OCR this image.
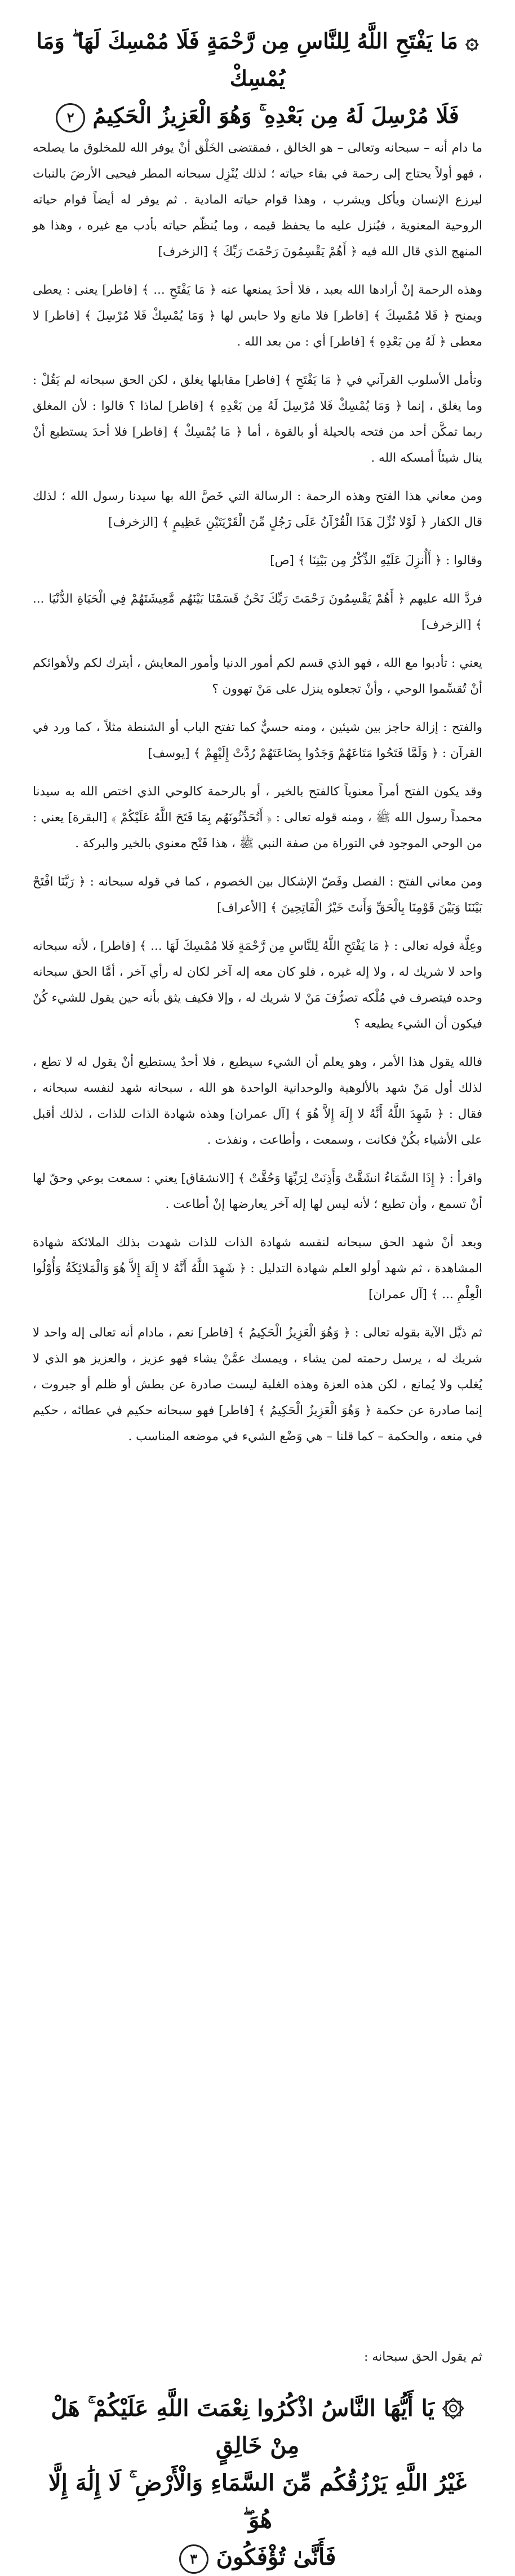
۞ مَا يَفْتَحِ اللَّهُ لِلنَّاسِ مِن رَّحْمَةٍ فَلَا مُمْسِكَ لَهَا ۖ وَمَا يُمْسِكْ
فَلَا مُرْسِلَ لَهُ مِن بَعْدِهِ ۚ وَهُوَ الْعَزِيزُ الْحَكِيمُ ٢

ما دام أنه – سبحانه وتعالى – هو الخالق ، فمقتضى الخَلْق أنْ يوفر الله للمخلوق ما يصلحه ، فهو أولاً يحتاج إلى رحمة في بقاء حياته ؛ لذلك يُنْزِل سبحانه المطر فيحيى الأرضَ بالنبات ليرزع الإنسان ويأكل ويشرب ، وهذا قوام حياته المادية . ثم يوفر له أيضاً قوام حياته الروحية المعنوية ، فيُنزل عليه ما يحفظ قيمه ، وما يُنظّم حياته بأدب مع غيره ، وهذا هو المنهج الذي قال الله فيه ﴿ أَهُمْ يَقْسِمُونَ رَحْمَتَ رَبِّكَ ﴾ [الزخرف]

وهذه الرحمة إنْ أرادها الله بعبد ، فلا أحدَ يمنعها عنه ﴿ مَا يَفْتَحِ ... ﴾ [فاطر] يعنى : يعطى ويمنح ﴿ فَلا مُمْسِكَ ﴾ [فاطر] فلا مانع ولا حابس لها ﴿ وَمَا يُمْسِكْ فَلا مُرْسِلَ ﴾ [فاطر] لا معطى ﴿ لَهُ مِن بَعْدِهِ ﴾ [فاطر] أي : من بعد الله .

وتأمل الأسلوب القرآني في ﴿ مَا يَفْتَحِ ﴾ [فاطر] مقابلها يغلق ، لكن الحق سبحانه لم يَقُلْ : وما يغلق ، إنما ﴿ وَمَا يُمْسِكْ فَلا مُرْسِلَ لَهُ مِن بَعْدِهِ ﴾ [فاطر] لماذا ؟ قالوا : لأن المغلق ربما تمكَّن أحد من فتحه بالحيلة أو بالقوة ، أما ﴿ مَا يُمْسِكْ ﴾ [فاطر] فلا أحدَ يستطيع أنْ ينال شيئاً أمسكه الله .

ومن معاني هذا الفتح وهذه الرحمة : الرسالة التي خَصَّ الله بها سيدنا رسول الله ؛ لذلك قال الكفار ﴿ لَوْلا نُزِّلَ هَذَا الْقُرْآنُ عَلَى رَجُلٍ مِّنَ الْقَرْيَتَيْنِ عَظِيمٍ ﴾ [الزخرف]

وقالوا : ﴿ أَأُنزِلَ عَلَيْهِ الذِّكْرُ مِن بَيْنِنَا ﴾ [ص]

فردَّ الله عليهم ﴿ أَهُمْ يَقْسِمُونَ رَحْمَتَ رَبِّكَ نَحْنُ قَسَمْنَا بَيْنَهُم مَّعِيشَتَهُمْ فِي الْحَيَاةِ الدُّنْيَا ... ﴾ [الزخرف]

يعني : تأدبوا مع الله ، فهو الذي قسم لكم أمور الدنيا وأمور المعايش ، أيترك لكم ولأهوائكم أنْ تُقسِّموا الوحي ، وأنْ تجعلوه ينزل على مَنْ تهوون ؟

والفتح : إزالة حاجز بين شيئين ، ومنه حسيٌّ كما تفتح الباب أو الشنطة مثلاً ، كما ورد في القرآن : ﴿ وَلَمَّا فَتَحُوا مَتَاعَهُمْ وَجَدُوا بِضَاعَتَهُمْ رُدَّتْ إِلَيْهِمْ ﴾ [يوسف]

وقد يكون الفتح أمراً معنوياً كالفتح بالخير ، أو بالرحمة كالوحي الذي اختص الله به سيدنا محمداً رسول الله ﷺ ، ومنه قوله تعالى : ﴿ أَتُحَدِّثُونَهُم بِمَا فَتَحَ اللَّهُ عَلَيْكُمْ ﴾ [البقرة] يعني : من الوحي الموجود في التوراة من صفة النبي ﷺ ، هذا فَتْح معنوي بالخير والبركة .

ومن معاني الفتح : الفصل وفَضّ الإشكال بين الخصوم ، كما في قوله سبحانه : ﴿ رَبَّنَا افْتَحْ بَيْنَنَا وَبَيْنَ قَوْمِنَا بِالْحَقِّ وَأَنتَ خَيْرُ الْفَاتِحِينَ ﴾ [الأعراف]

وعِلَّة قوله تعالى : ﴿ مَا يَفْتَحِ اللَّهُ لِلنَّاسِ مِن رَّحْمَةٍ فَلا مُمْسِكَ لَهَا ... ﴾ [فاطر] ، لأنه سبحانه واحد لا شريك له ، ولا إله غيره ، فلو كان معه إله آخر لكان له رأي آخر ، أمَّا الحق سبحانه وحده فيتصرف في مُلْكه تصرُّفَ مَنْ لا شريك له ، وإلا فكيف يثق بأنه حين يقول للشيء كُنْ فيكون أن الشيء يطيعه ؟

فالله يقول هذا الأمر ، وهو يعلم أن الشيء سيطيع ، فلا أحدٌ يستطيع أنْ يقول له لا تطع ، لذلك أول مَنْ شهد بالألوهية والوحدانية الواحدة هو الله ، سبحانه شهد لنفسه سبحانه ، فقال : ﴿ شَهِدَ اللَّهُ أَنَّهُ لا إِلَهَ إِلاَّ هُوَ ﴾ [آل عمران] وهذه شهادة الذات للذات ، لذلك أقبل على الأشياء بكُنْ فكانت ، وسمعت ، وأطاعت ، ونفذت .

واقرأ : ﴿ إِذَا السَّمَاءُ انشَقَّتْ وَأَذِنَتْ لِرَبِّهَا وَحُقَّتْ ﴾ [الانشقاق] يعني : سمعت بوعي وحقّ لها أنْ تسمع ، وأن تطيع ؛ لأنه ليس لها إله آخر يعارضها إنْ أطاعت .

وبعد أنْ شهد الحق سبحانه لنفسه شهادة الذات للذات شهدت بذلك الملائكة شهادة المشاهدة ، ثم شهد أولو العلم شهادة التدليل : ﴿ شَهِدَ اللَّهُ أَنَّهُ لا إِلَهَ إِلاَّ هُوَ وَالْمَلائِكَةُ وَأُوْلُوا الْعِلْمِ ... ﴾ [آل عمران]

ثم ذيَّل الآية بقوله تعالى : ﴿ وَهُوَ الْعَزِيزُ الْحَكِيمُ ﴾ [فاطر] نعم ، مادام أنه تعالى إله واحد لا شريك له ، يرسل رحمته لمن يشاء ، ويمسك عمَّنْ يشاء فهو عزيز ، والعزيز هو الذي لا يُغلب ولا يُمانع ، لكن هذه العزة وهذه الغلبة ليست صادرة عن بطش أو ظلم أو جبروت ، إنما صادرة عن حكمة ﴿ وَهُوَ الْعَزِيزُ الْحَكِيمُ ﴾ [فاطر] فهو سبحانه حكيم في عطائه ، حكيم في منعه ، والحكمة – كما قلنا – هي وَضْع الشيء في موضعه المناسب .

ثم يقول الحق سبحانه :
۞ يَا أَيُّهَا النَّاسُ اذْكُرُوا نِعْمَتَ اللَّهِ عَلَيْكُمْ ۚ هَلْ مِنْ خَالِقٍ
غَيْرُ اللَّهِ يَرْزُقُكُم مِّنَ السَّمَاءِ وَالْأَرْضِ ۚ لَا إِلَٰهَ إِلَّا هُوَ ۖ
فَأَنَّىٰ تُؤْفَكُونَ ٣
